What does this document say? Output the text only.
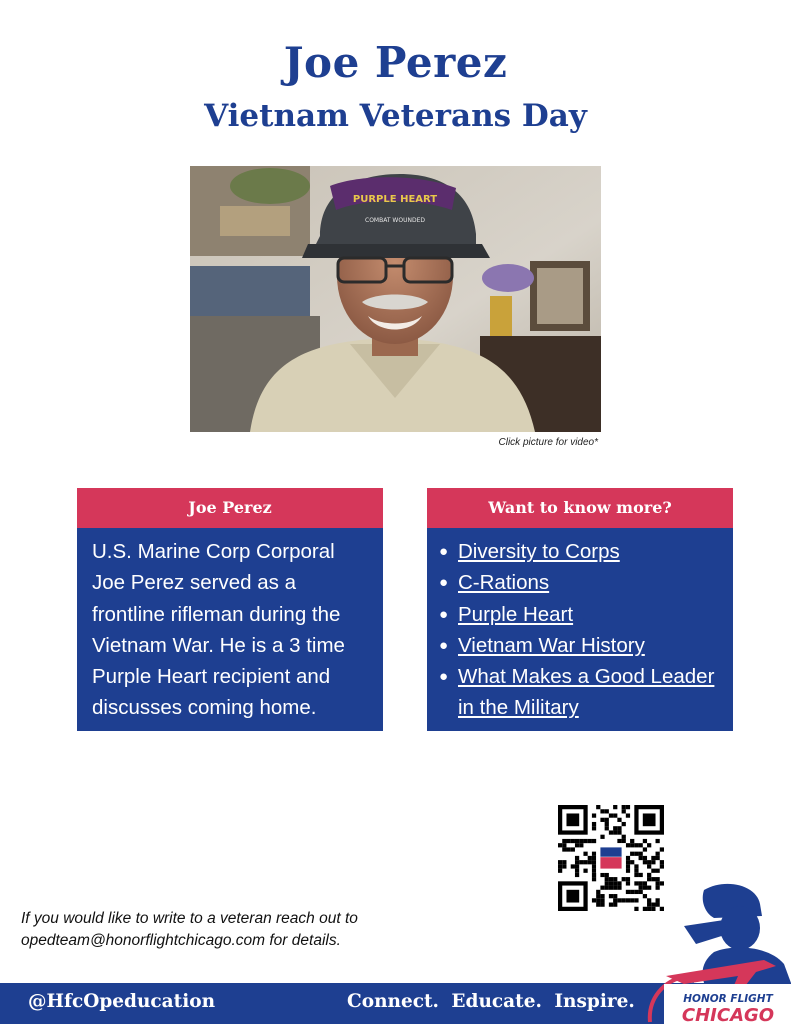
Joe Perez
Vietnam Veterans Day
PURPLE HEART
COMBAT WOUNDED
Click picture for video*
Joe Perez
U.S. Marine Corp Corporal Joe Perez served as a frontline rifleman during the Vietnam War. He is a 3 time Purple Heart recipient and discusses coming home.
Want to know more?
● Diversity to Corps
● C-Rations
● Purple Heart
● Vietnam War History
● What Makes a Good Leader in the Military
If you would like to write to a veteran reach out to
opedteam@honorflightchicago.com for details.
@HfcOpeducation	Connect. Educate. Inspire.	HONOR FLIGHT
CHICAGO
